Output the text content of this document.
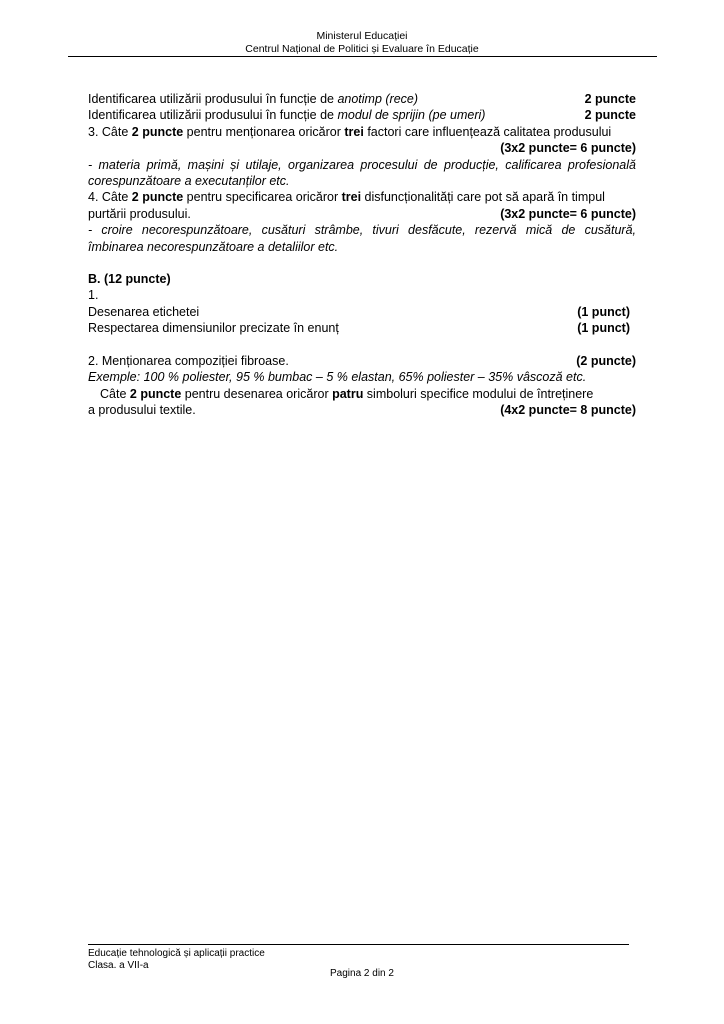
Ministerul Educației
Centrul Național de Politici și Evaluare în Educație
Identificarea utilizării produsului în funcție de anotimp (rece)	2 puncte
Identificarea utilizării produsului în funcție de modul de sprijin (pe umeri)	2 puncte
3. Câte 2 puncte pentru menționarea oricăror trei factori care influențează calitatea produsului
(3x2 puncte= 6 puncte)
- materia primă, mașini și utilaje, organizarea procesului de producție, calificarea profesională corespunzătoare a executanților etc.
4. Câte 2 puncte pentru specificarea oricăror trei disfuncționalități care pot să apară în timpul
purtării produsului.	(3x2 puncte= 6 puncte)
- croire necorespunzătoare, cusături strâmbe, tivuri desfăcute, rezervă mică de cusătură, îmbinarea necorespunzătoare a detaliilor etc.
B. (12 puncte)
1.
Desenarea etichetei	(1 punct)
Respectarea dimensiunilor precizate în enunț	(1 punct)
2. Menționarea compoziției fibroase.	(2 puncte)
Exemple: 100 % poliester, 95 % bumbac – 5 % elastan, 65% poliester – 35% vâscoză etc.
Câte 2 puncte pentru desenarea oricăror patru simboluri specifice modului de întreținere
a produsului textile.	(4x2 puncte= 8 puncte)
Educație tehnologică și aplicații practice
Clasa. a VII-a
Pagina 2 din 2
